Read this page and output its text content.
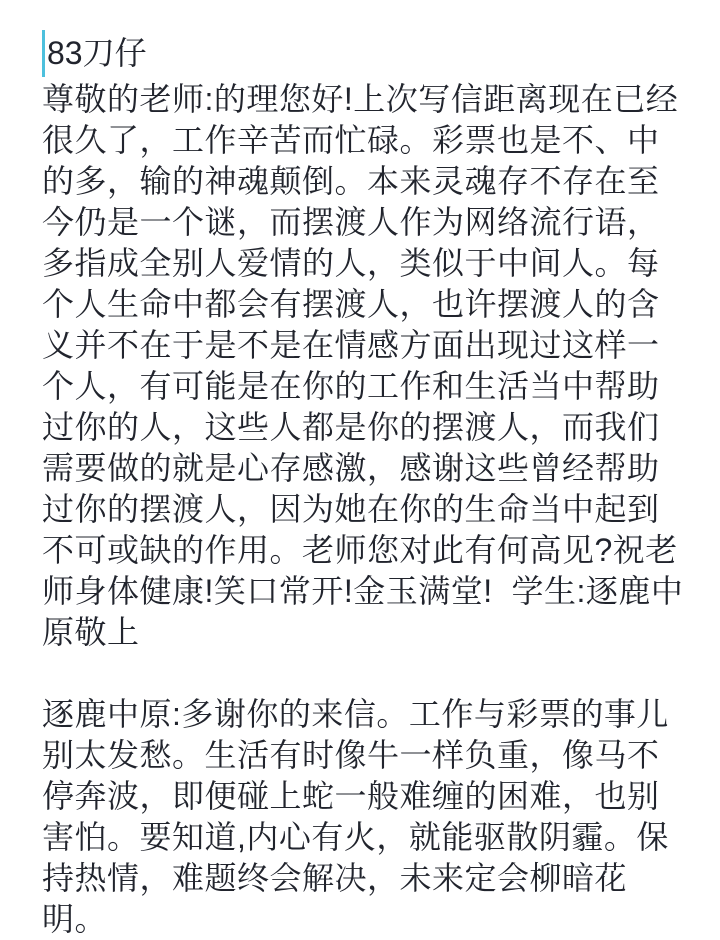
83刀仔

尊敬的老师:的理您好!上次写信距离现在已经很久了，工作辛苦而忙碌。彩票也是不、中的多，输的神魂颠倒。本来灵魂存不存在至今仍是一个谜，而摆渡人作为网络流行语，多指成全别人爱情的人，类似于中间人。每个人生命中都会有摆渡人，也许摆渡人的含义并不在于是不是在情感方面出现过这样一个人，有可能是在你的工作和生活当中帮助过你的人，这些人都是你的摆渡人，而我们需要做的就是心存感激，感谢这些曾经帮助过你的摆渡人，因为她在你的生命当中起到不可或缺的作用。老师您对此有何高见?祝老师身体健康!笑口常开!金玉满堂!  学生:逐鹿中原敬上

逐鹿中原:多谢你的来信。工作与彩票的事儿别太发愁。生活有时像牛一样负重，像马不停奔波，即便碰上蛇一般难缠的困难，也别害怕。要知道,内心有火，就能驱散阴霾。保持热情，难题终会解决，未来定会柳暗花明。
